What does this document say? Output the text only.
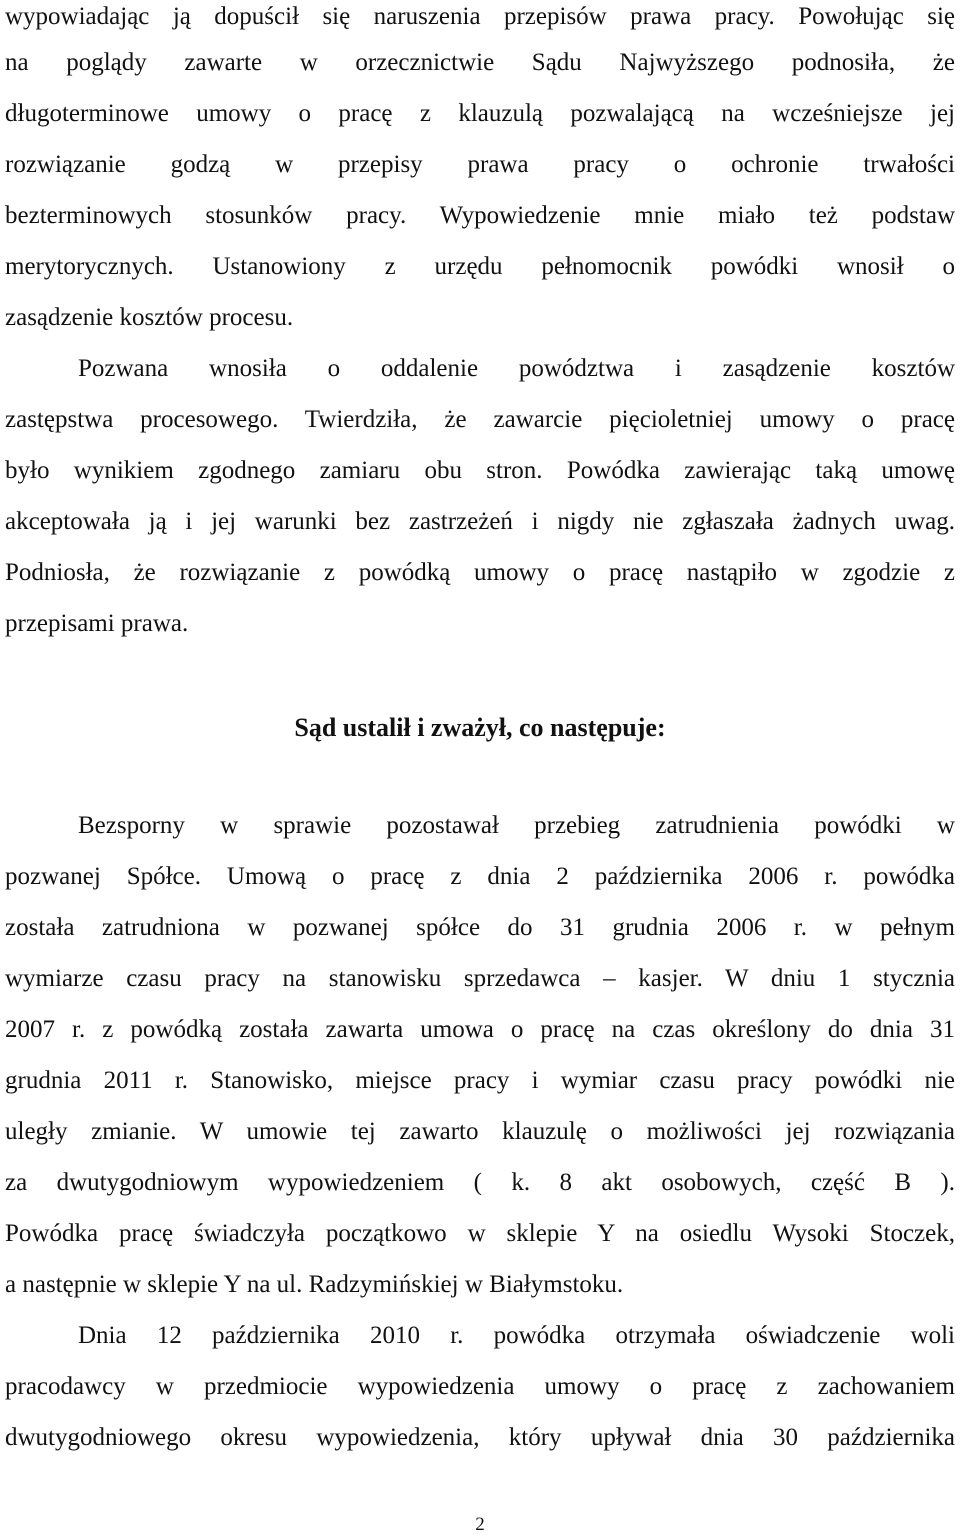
wypowiadając ją dopuścił się naruszenia przepisów prawa pracy. Powołując się
na poglądy zawarte w orzecznictwie Sądu Najwyższego podnosiła, że
długoterminowe umowy o pracę z klauzulą pozwalającą na wcześniejsze jej
rozwiązanie godzą w przepisy prawa pracy o ochronie trwałości
bezterminowych stosunków pracy. Wypowiedzenie mnie miało też podstaw
merytorycznych. Ustanowiony z urzędu pełnomocnik powódki wnosił o
zasądzenie kosztów procesu.
Pozwana wnosiła o oddalenie powództwa i zasądzenie kosztów
zastępstwa procesowego. Twierdziła, że zawarcie pięcioletniej umowy o pracę
było wynikiem zgodnego zamiaru obu stron. Powódka zawierając taką umowę
akceptowała ją i jej warunki bez zastrzeżeń i nigdy nie zgłaszała żadnych uwag.
Podniosła, że rozwiązanie z powódką umowy o pracę nastąpiło w zgodzie z
przepisami prawa.
Sąd ustalił i zważył, co następuje:
Bezsporny w sprawie pozostawał przebieg zatrudnienia powódki w
pozwanej Spółce. Umową o pracę z dnia 2 października 2006 r. powódka
została zatrudniona w pozwanej spółce do 31 grudnia 2006 r. w pełnym
wymiarze czasu pracy na stanowisku sprzedawca – kasjer. W dniu 1 stycznia
2007 r. z powódką została zawarta umowa o pracę na czas określony do dnia 31
grudnia 2011 r. Stanowisko, miejsce pracy i wymiar czasu pracy powódki nie
uległy zmianie. W umowie tej zawarto klauzulę o możliwości jej rozwiązania
za dwutygodniowym wypowiedzeniem ( k. 8 akt osobowych, część B ).
Powódka pracę świadczyła początkowo w sklepie Y na osiedlu Wysoki Stoczek,
a następnie w sklepie Y na ul. Radzymińskiej w Białymstoku.
Dnia 12 października 2010 r. powódka otrzymała oświadczenie woli
pracodawcy w przedmiocie wypowiedzenia umowy o pracę z zachowaniem
dwutygodniowego okresu wypowiedzenia, który upływał dnia 30 października
2
